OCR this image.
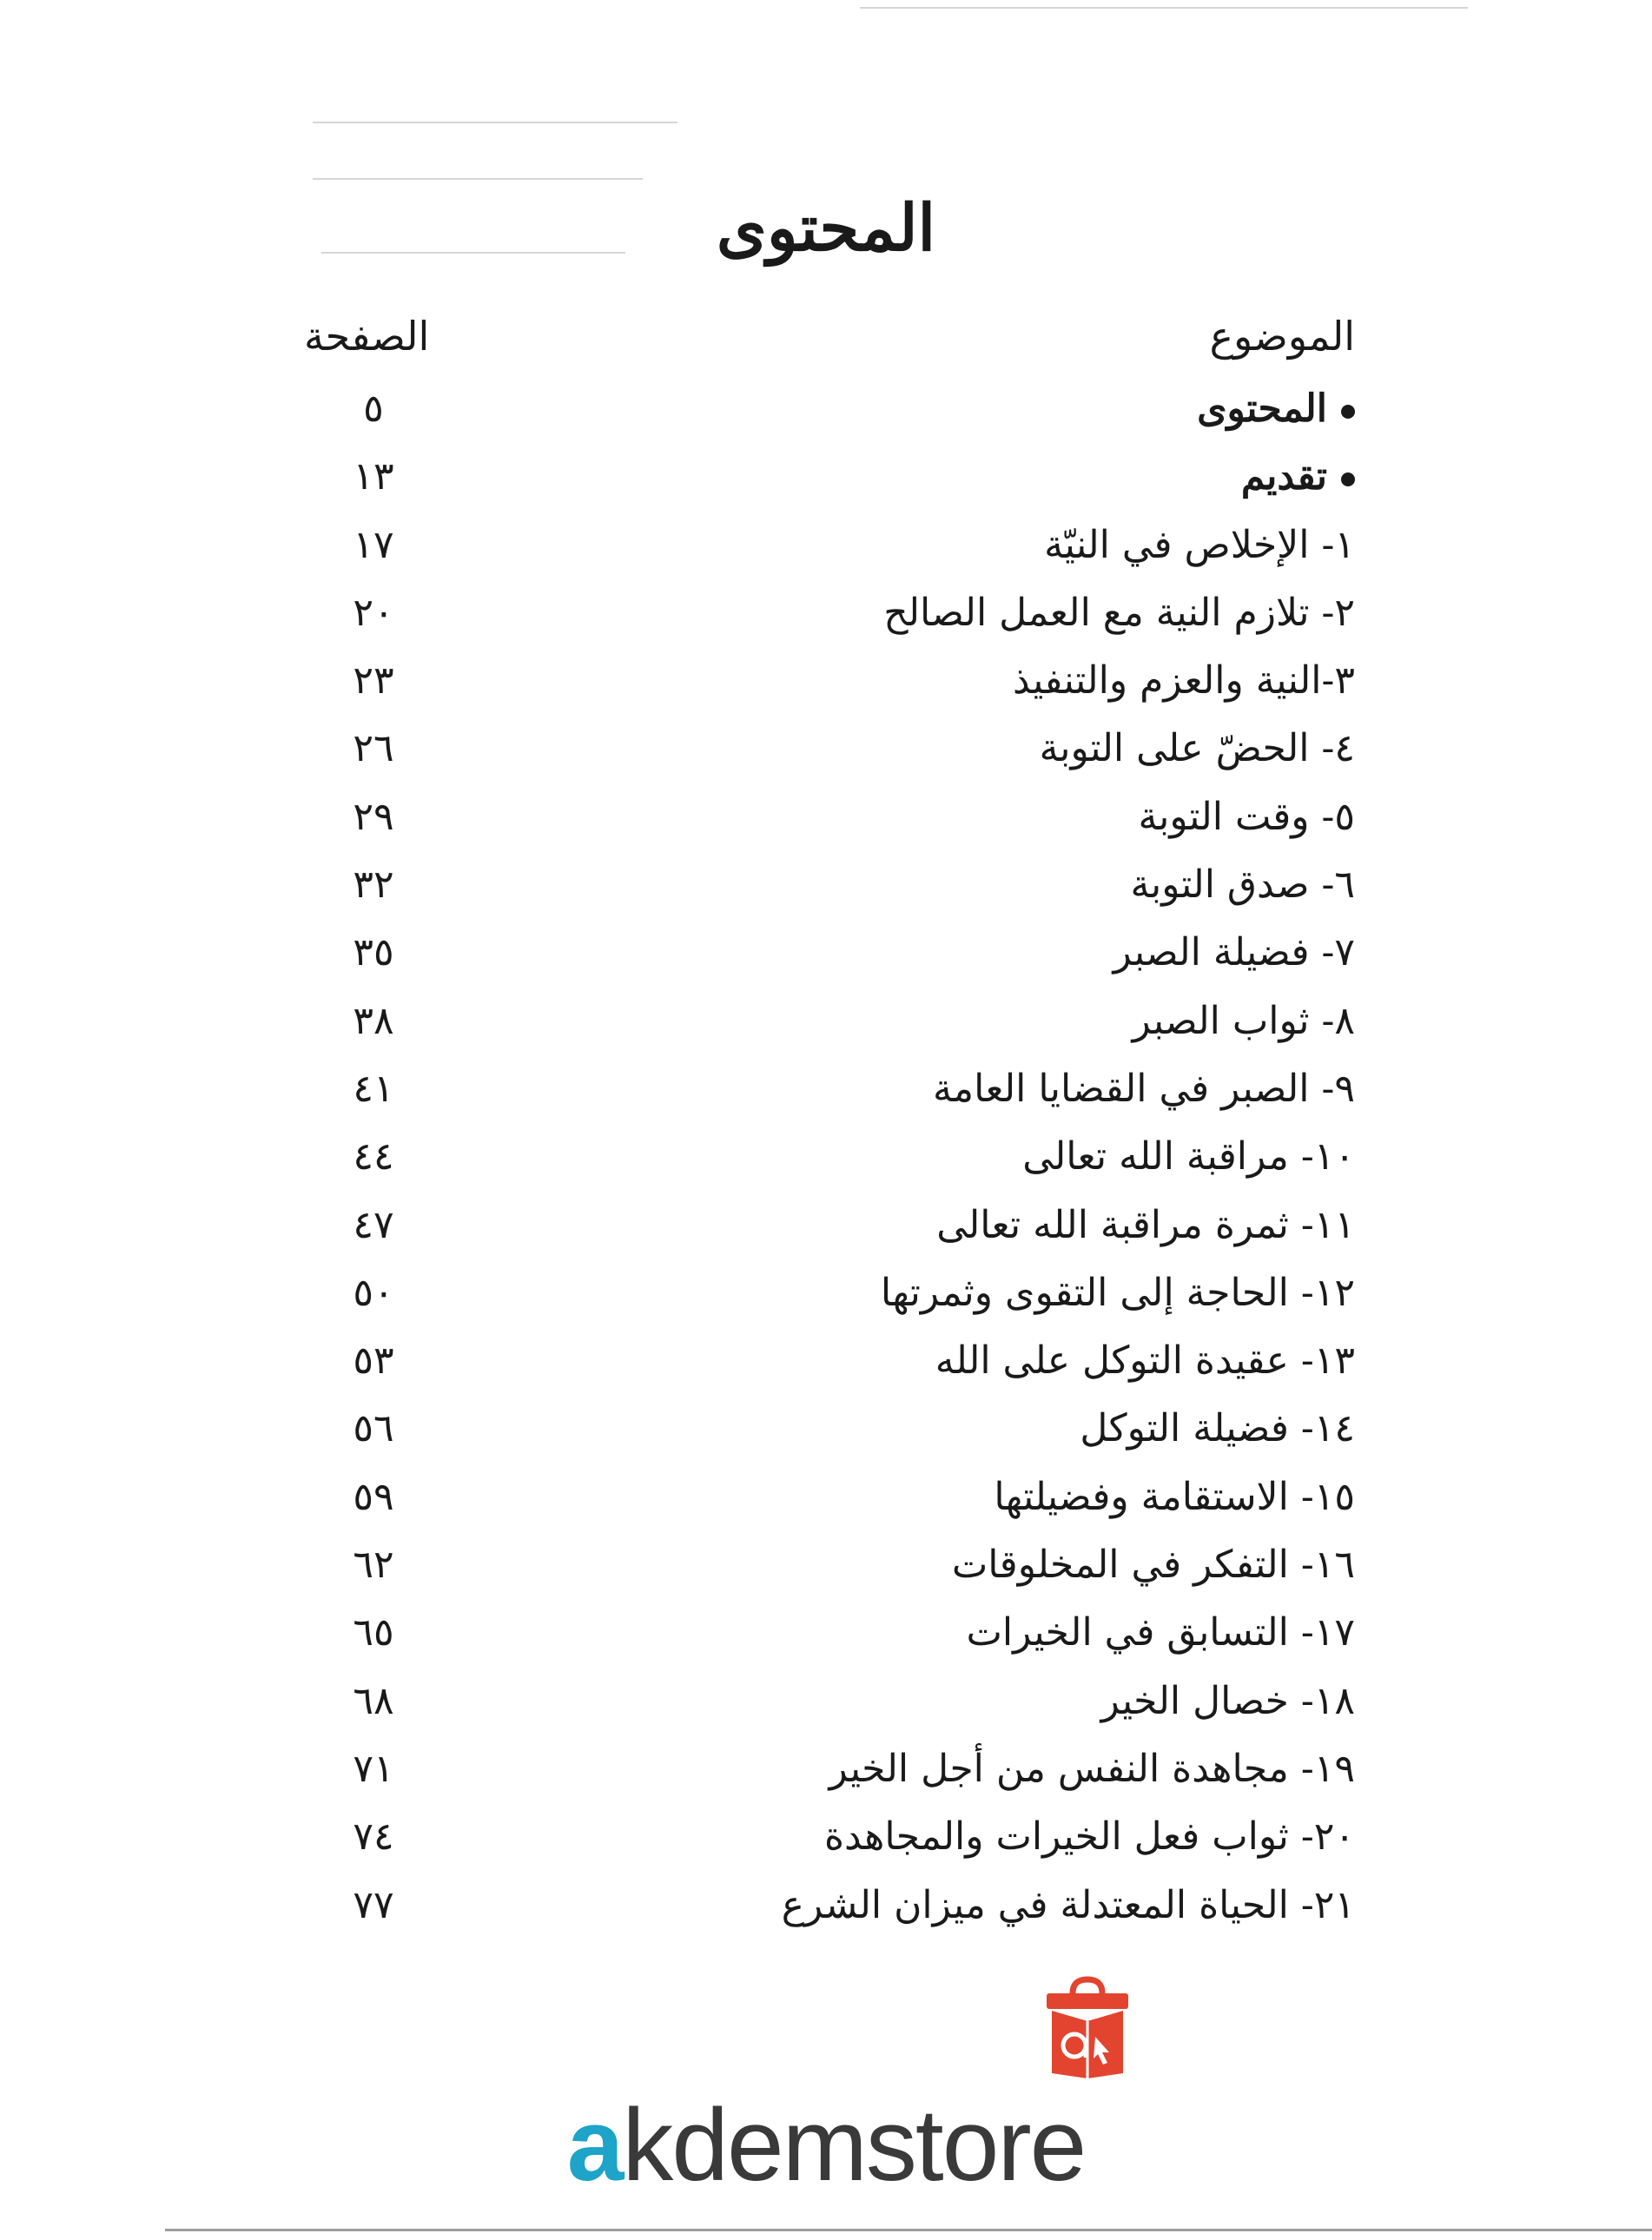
المحتوى
الموضوع
الصفحة
المحتوى
٥
تقديم
١٣
١- الإخلاص في النيّة
١٧
٢- تلازم النية مع العمل الصالح
٢٠
٣-النية والعزم والتنفيذ
٢٣
٤- الحضّ على التوبة
٢٦
٥- وقت التوبة
٢٩
٦- صدق التوبة
٣٢
٧- فضيلة الصبر
٣٥
٨- ثواب الصبر
٣٨
٩- الصبر في القضايا العامة
٤١
١٠- مراقبة الله تعالى
٤٤
١١- ثمرة مراقبة الله تعالى
٤٧
١٢- الحاجة إلى التقوى وثمرتها
٥٠
١٣- عقيدة التوكل على الله
٥٣
١٤- فضيلة التوكل
٥٦
١٥- الاستقامة وفضيلتها
٥٩
١٦- التفكر في المخلوقات
٦٢
١٧- التسابق في الخيرات
٦٥
١٨- خصال الخير
٦٨
١٩- مجاهدة النفس من أجل الخير
٧١
٢٠- ثواب فعل الخيرات والمجاهدة
٧٤
٢١- الحياة المعتدلة في ميزان الشرع
٧٧
akdemstore
